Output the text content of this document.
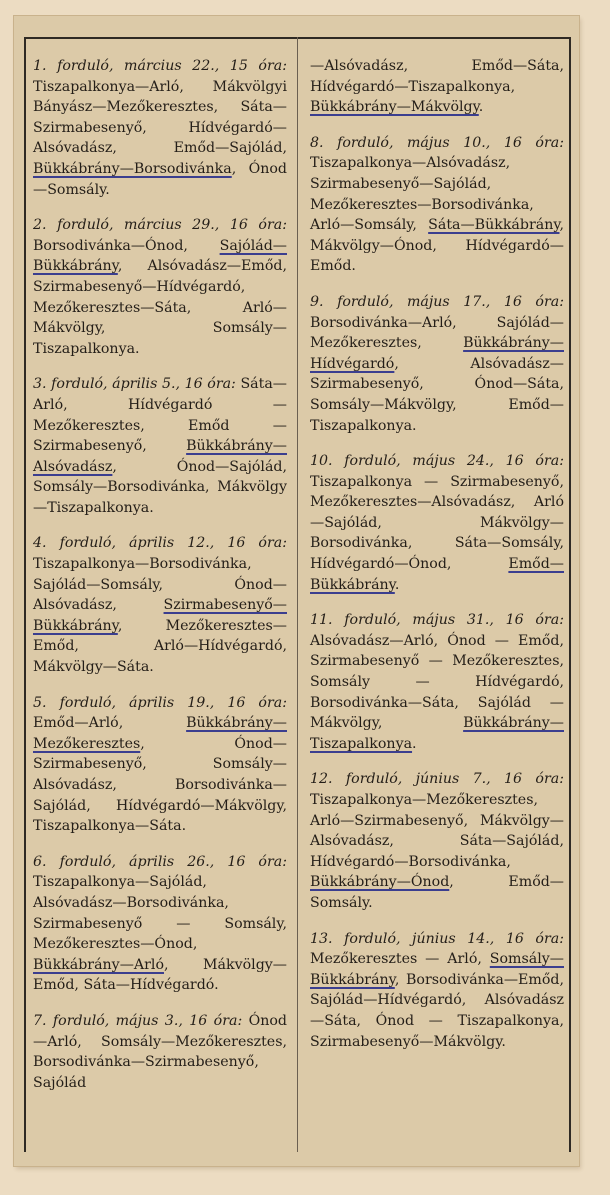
1. forduló, március 22., 15 óra: Tiszapalkonya—Arló, Mákvölgyi Bányász—Mezőkeresztes, Sáta—Szirmabesenyő, Hídvégardó—Alsóvadász, Emőd—Sajólád, Bükkábrány—Borsodivánka, Ónod—Somsály.

2. forduló, március 29., 16 óra: Borsodivánka—Ónod, Sajólád—Bükkábrány, Alsóvadász—Emőd, Szirmabesenyő—Hídvégardó, Mezőkeresztes—Sáta, Arló—Mákvölgy, Somsály—Tiszapalkonya.

3. forduló, április 5., 16 óra: Sáta—Arló, Hídvégardó — Mezőkeresztes, Emőd — Szirmabesenyő, Bükkábrány—Alsóvadász, Ónod—Sajólád, Somsály—Borsodivánka, Mákvölgy—Tiszapalkonya.

4. forduló, április 12., 16 óra: Tiszapalkonya—Borsodivánka, Sajólád—Somsály, Ónod—Alsóvadász, Szirmabesenyő—Bükkábrány, Mezőkeresztes—Emőd, Arló—Hídvégardó, Mákvölgy—Sáta.

5. forduló, április 19., 16 óra: Emőd—Arló, Bükkábrány—Mezőkeresztes, Ónod—Szirmabesenyő, Somsály—Alsóvadász, Borsodivánka—Sajólád, Hídvégardó—Mákvölgy, Tiszapalkonya—Sáta.

6. forduló, április 26., 16 óra: Tiszapalkonya—Sajólád, Alsóvadász—Borsodivánka, Szirmabesenyő — Somsály, Mezőkeresztes—Ónod, Bükkábrány—Arló, Mákvölgy—Emőd, Sáta—Hídvégardó.

7. forduló, május 3., 16 óra: Ónod—Arló, Somsály—Mezőkeresztes, Borsodivánka—Szirmabesenyő, Sajólád

—Alsóvadász, Emőd—Sáta, Hídvégardó—Tiszapalkonya, Bükkábrány—Mákvölgy.

8. forduló, május 10., 16 óra: Tiszapalkonya—Alsóvadász, Szirmabesenyő—Sajólád, Mezőkeresztes—Borsodivánka, Arló—Somsály, Sáta—Bükkábrány, Mákvölgy—Ónod, Hídvégardó—Emőd.

9. forduló, május 17., 16 óra: Borsodivánka—Arló, Sajólád—Mezőkeresztes, Bükkábrány—Hídvégardó, Alsóvadász—Szirmabesenyő, Ónod—Sáta, Somsály—Mákvölgy, Emőd—Tiszapalkonya.

10. forduló, május 24., 16 óra: Tiszapalkonya — Szirmabesenyő, Mezőkeresztes—Alsóvadász, Arló—Sajólád, Mákvölgy—Borsodivánka, Sáta—Somsály, Hídvégardó—Ónod, Emőd—Bükkábrány.

11. forduló, május 31., 16 óra: Alsóvadász—Arló, Ónod — Emőd, Szirmabesenyő — Mezőkeresztes, Somsály — Hídvégardó, Borsodivánka—Sáta, Sajólád — Mákvölgy, Bükkábrány—Tiszapalkonya.

12. forduló, június 7., 16 óra: Tiszapalkonya—Mezőkeresztes, Arló—Szirmabesenyő, Mákvölgy—Alsóvadász, Sáta—Sajólád, Hídvégardó—Borsodivánka, Bükkábrány—Ónod, Emőd—Somsály.

13. forduló, június 14., 16 óra: Mezőkeresztes — Arló, Somsály—Bükkábrány, Borsodivánka—Emőd, Sajólád—Hídvégardó, Alsóvadász—Sáta, Ónod — Tiszapalkonya, Szirmabesenyő—Mákvölgy.
